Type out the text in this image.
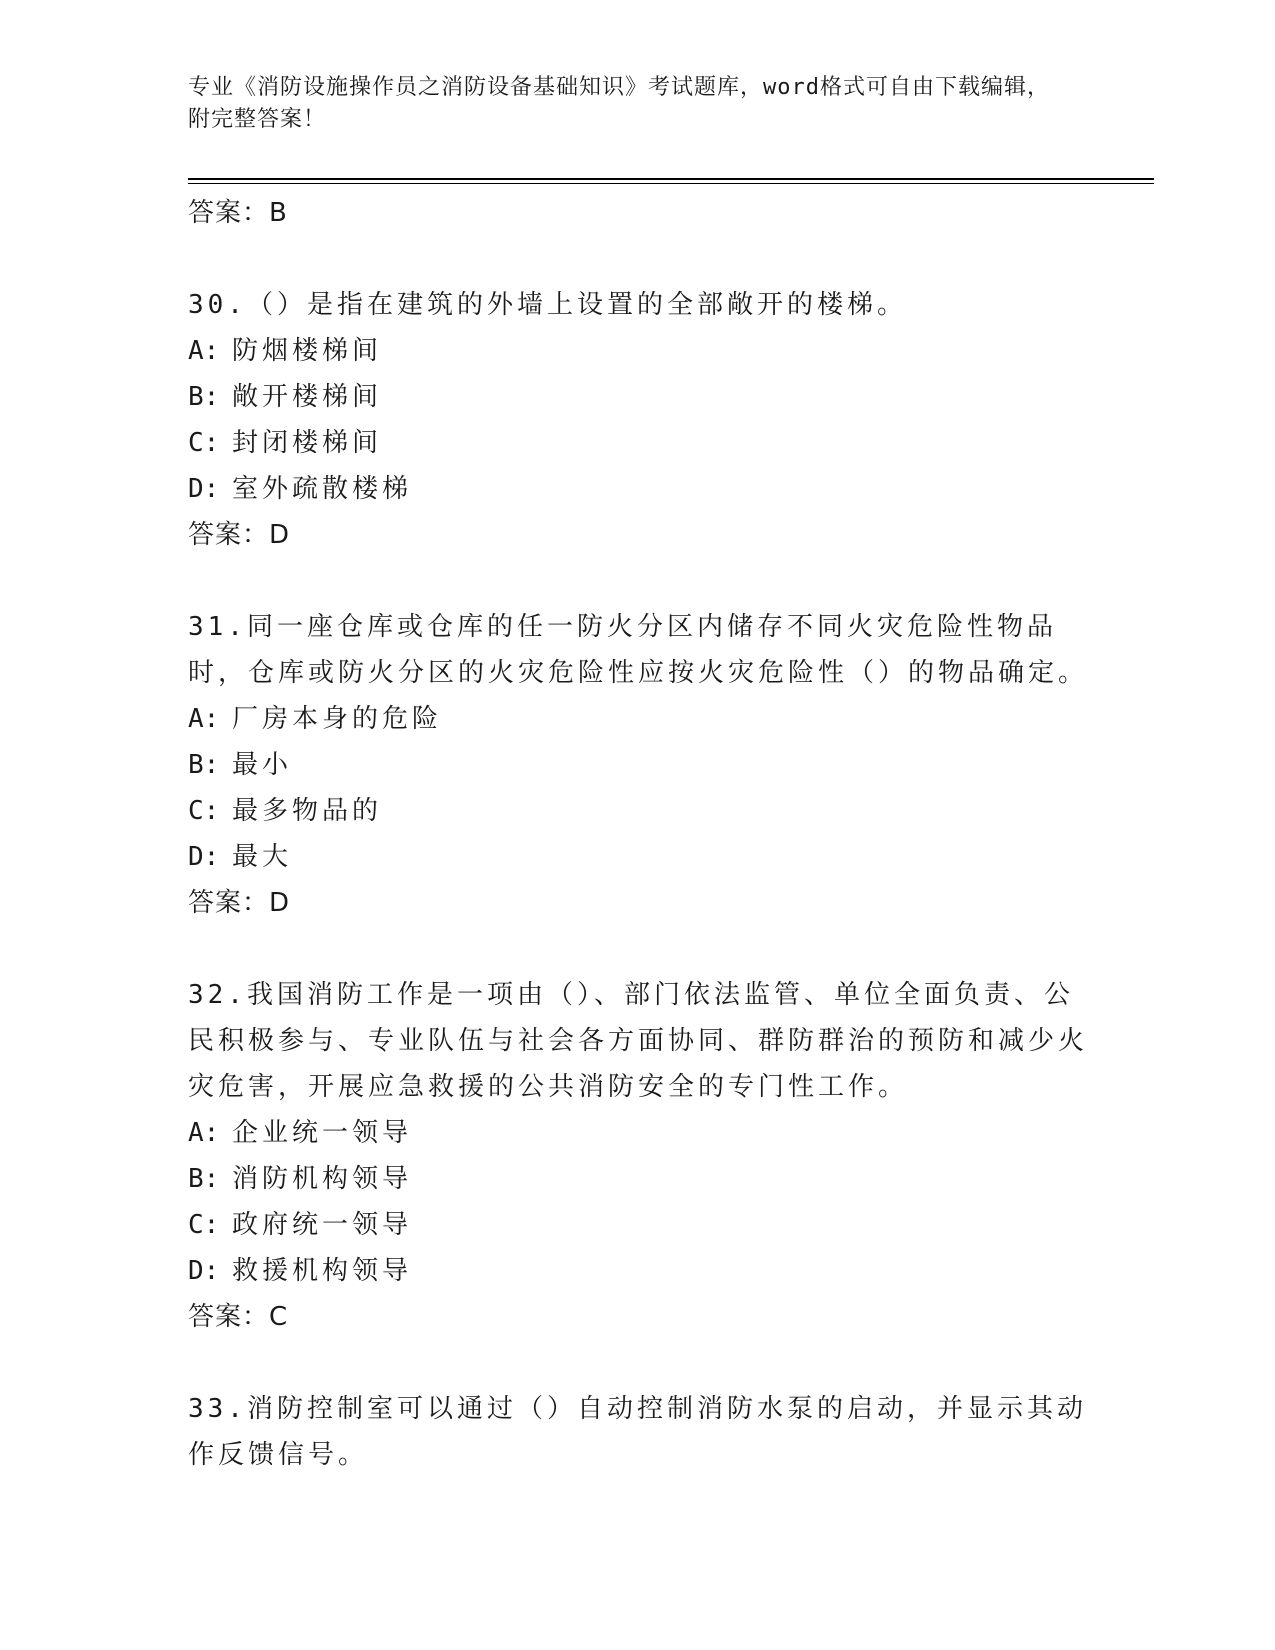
专业《消防设施操作员之消防设备基础知识》考试题库，word格式可自由下载编辑，附完整答案！

答案：B

30.（）是指在建筑的外墙上设置的全部敞开的楼梯。

A: 防烟楼梯间

B: 敞开楼梯间

C: 封闭楼梯间

D: 室外疏散楼梯

答案：D

31.同一座仓库或仓库的任一防火分区内储存不同火灾危险性物品时，仓库或防火分区的火灾危险性应按火灾危险性（）的物品确定。

A: 厂房本身的危险

B: 最小

C: 最多物品的

D: 最大

答案：D

32.我国消防工作是一项由（）、部门依法监管、单位全面负责、公民积极参与、专业队伍与社会各方面协同、群防群治的预防和减少火灾危害，开展应急救援的公共消防安全的专门性工作。

A: 企业统一领导

B: 消防机构领导

C: 政府统一领导

D: 救援机构领导

答案：C

33.消防控制室可以通过（）自动控制消防水泵的启动，并显示其动作反馈信号。
